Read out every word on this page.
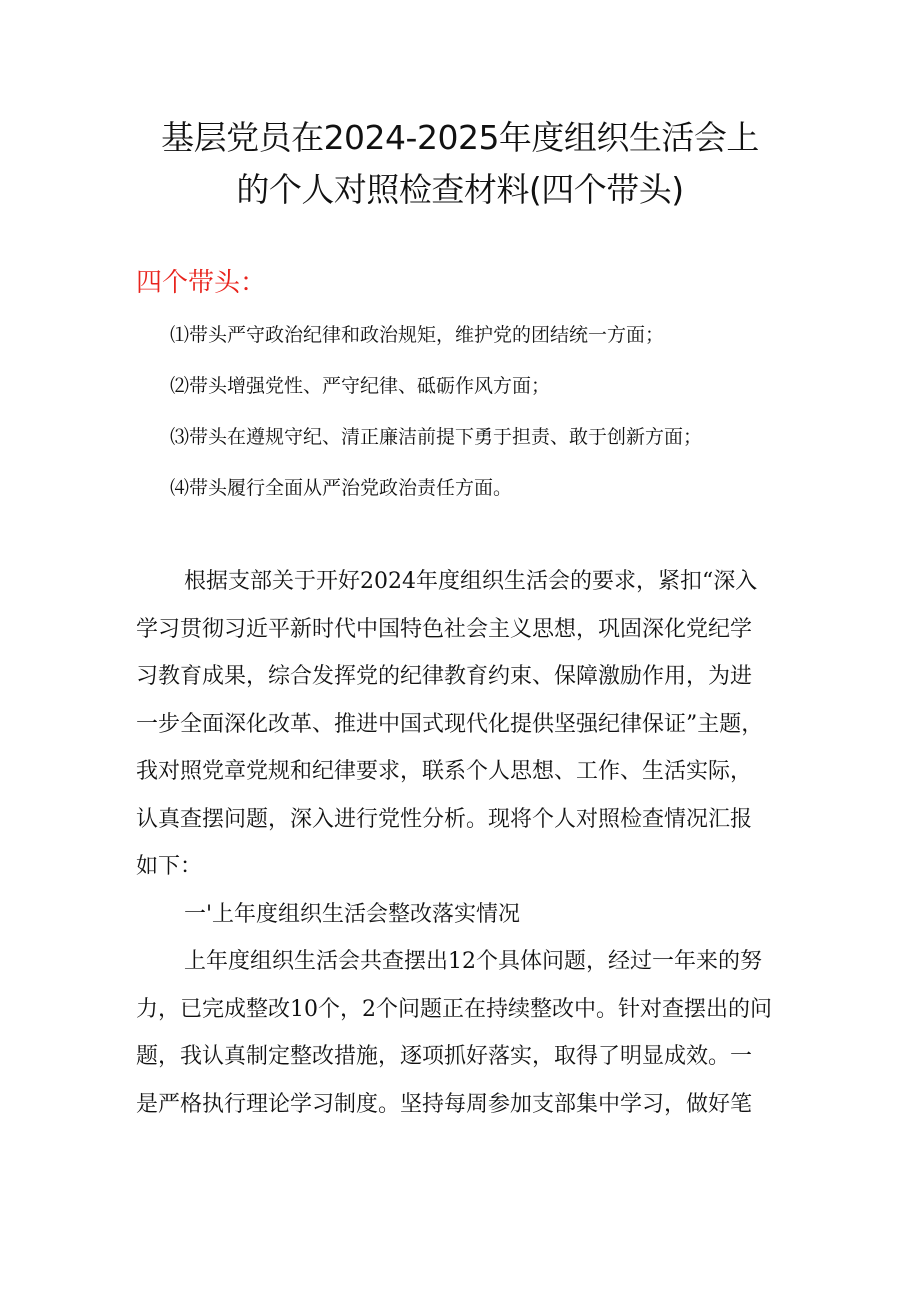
基层党员在2024-2025年度组织生活会上
的个人对照检查材料(四个带头)
四个带头：
⑴带头严守政治纪律和政治规矩，维护党的团结统一方面；
⑵带头增强党性、严守纪律、砥砺作风方面；
⑶带头在遵规守纪、清正廉洁前提下勇于担责、敢于创新方面；
⑷带头履行全面从严治党政治责任方面。
根据支部关于开好2024年度组织生活会的要求，紧扣“深入
学习贯彻习近平新时代中国特色社会主义思想，巩固深化党纪学
习教育成果，综合发挥党的纪律教育约束、保障激励作用，为进
一步全面深化改革、推进中国式现代化提供坚强纪律保证”主题，
我对照党章党规和纪律要求，联系个人思想、工作、生活实际，
认真查摆问题，深入进行党性分析。现将个人对照检查情况汇报
如下：
一'上年度组织生活会整改落实情况
上年度组织生活会共查摆出12个具体问题，经过一年来的努
力，已完成整改10个，2个问题正在持续整改中。针对查摆出的问
题，我认真制定整改措施，逐项抓好落实，取得了明显成效。一
是严格执行理论学习制度。坚持每周参加支部集中学习，做好笔
